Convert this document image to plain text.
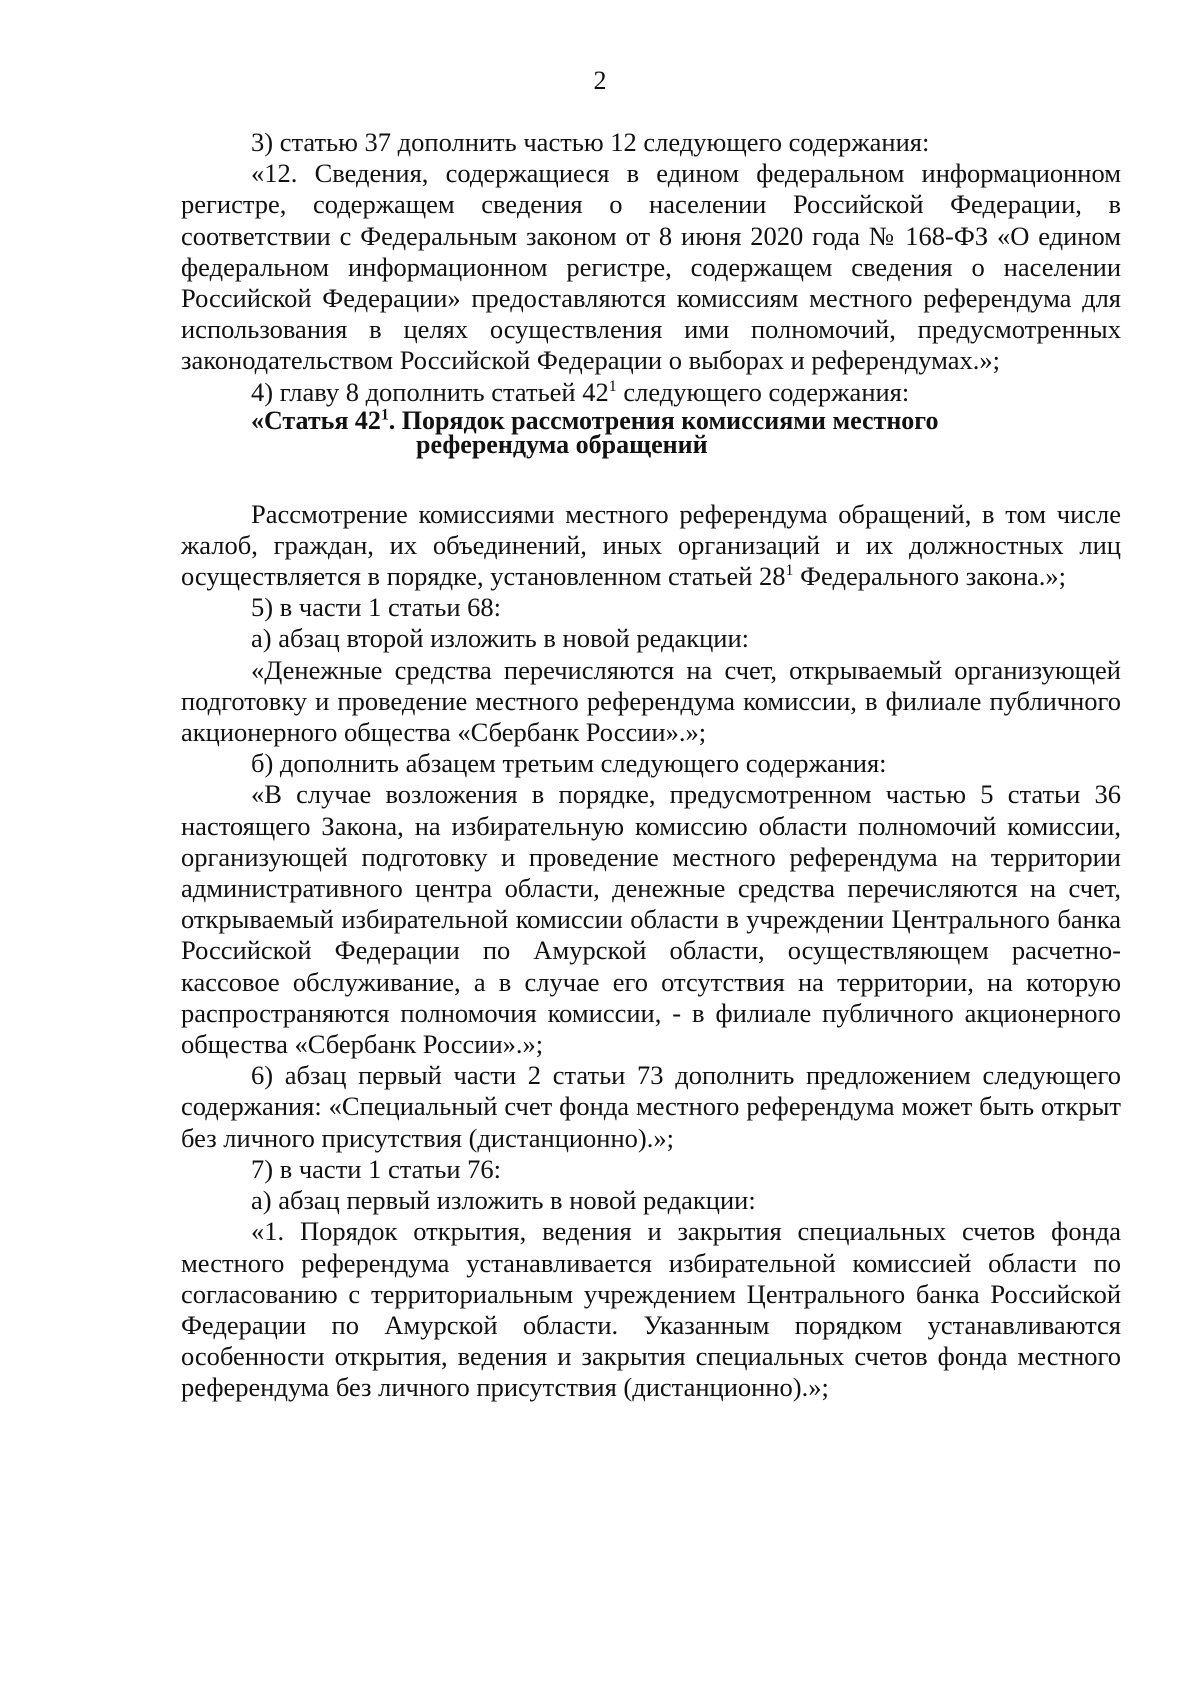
2

3) статью 37 дополнить частью 12 следующего содержания:

«12. Сведения, содержащиеся в едином федеральном информационном регистре, содержащем сведения о населении Российской Федерации, в соответствии с Федеральным законом от 8 июня 2020 года № 168-ФЗ «О едином федеральном информационном регистре, содержащем сведения о населении Российской Федерации» предоставляются комиссиям местного референдума для использования в целях осуществления ими полномочий, предусмотренных законодательством Российской Федерации о выборах и референдумах.»;

4) главу 8 дополнить статьей $42^1$ следующего содержания:

«Статья $42^1$. Порядок рассмотрения комиссиями местного
референдума обращений

Рассмотрение комиссиями местного референдума обращений, в том числе жалоб, граждан, их объединений, иных организаций и их должностных лиц осуществляется в порядке, установленном статьей $28^1$ Федерального закона.»;

5) в части 1 статьи 68:

а) абзац второй изложить в новой редакции:

«Денежные средства перечисляются на счет, открываемый организующей подготовку и проведение местного референдума комиссии, в филиале публичного акционерного общества «Сбербанк России».»;

б) дополнить абзацем третьим следующего содержания:

«В случае возложения в порядке, предусмотренном частью 5 статьи 36 настоящего Закона, на избирательную комиссию области полномочий комиссии, организующей подготовку и проведение местного референдума на территории административного центра области, денежные средства перечисляются на счет, открываемый избирательной комиссии области в учреждении Центрального банка Российской Федерации по Амурской области, осуществляющем расчетно-кассовое обслуживание, а в случае его отсутствия на территории, на которую распространяются полномочия комиссии, - в филиале публичного акционерного общества «Сбербанк России».»;

6) абзац первый части 2 статьи 73 дополнить предложением следующего содержания: «Специальный счет фонда местного референдума может быть открыт без личного присутствия (дистанционно).»;

7) в части 1 статьи 76:

а) абзац первый изложить в новой редакции:

«1. Порядок открытия, ведения и закрытия специальных счетов фонда местного референдума устанавливается избирательной комиссией области по согласованию с территориальным учреждением Центрального банка Российской Федерации по Амурской области. Указанным порядком устанавливаются особенности открытия, ведения и закрытия специальных счетов фонда местного референдума без личного присутствия (дистанционно).»;
